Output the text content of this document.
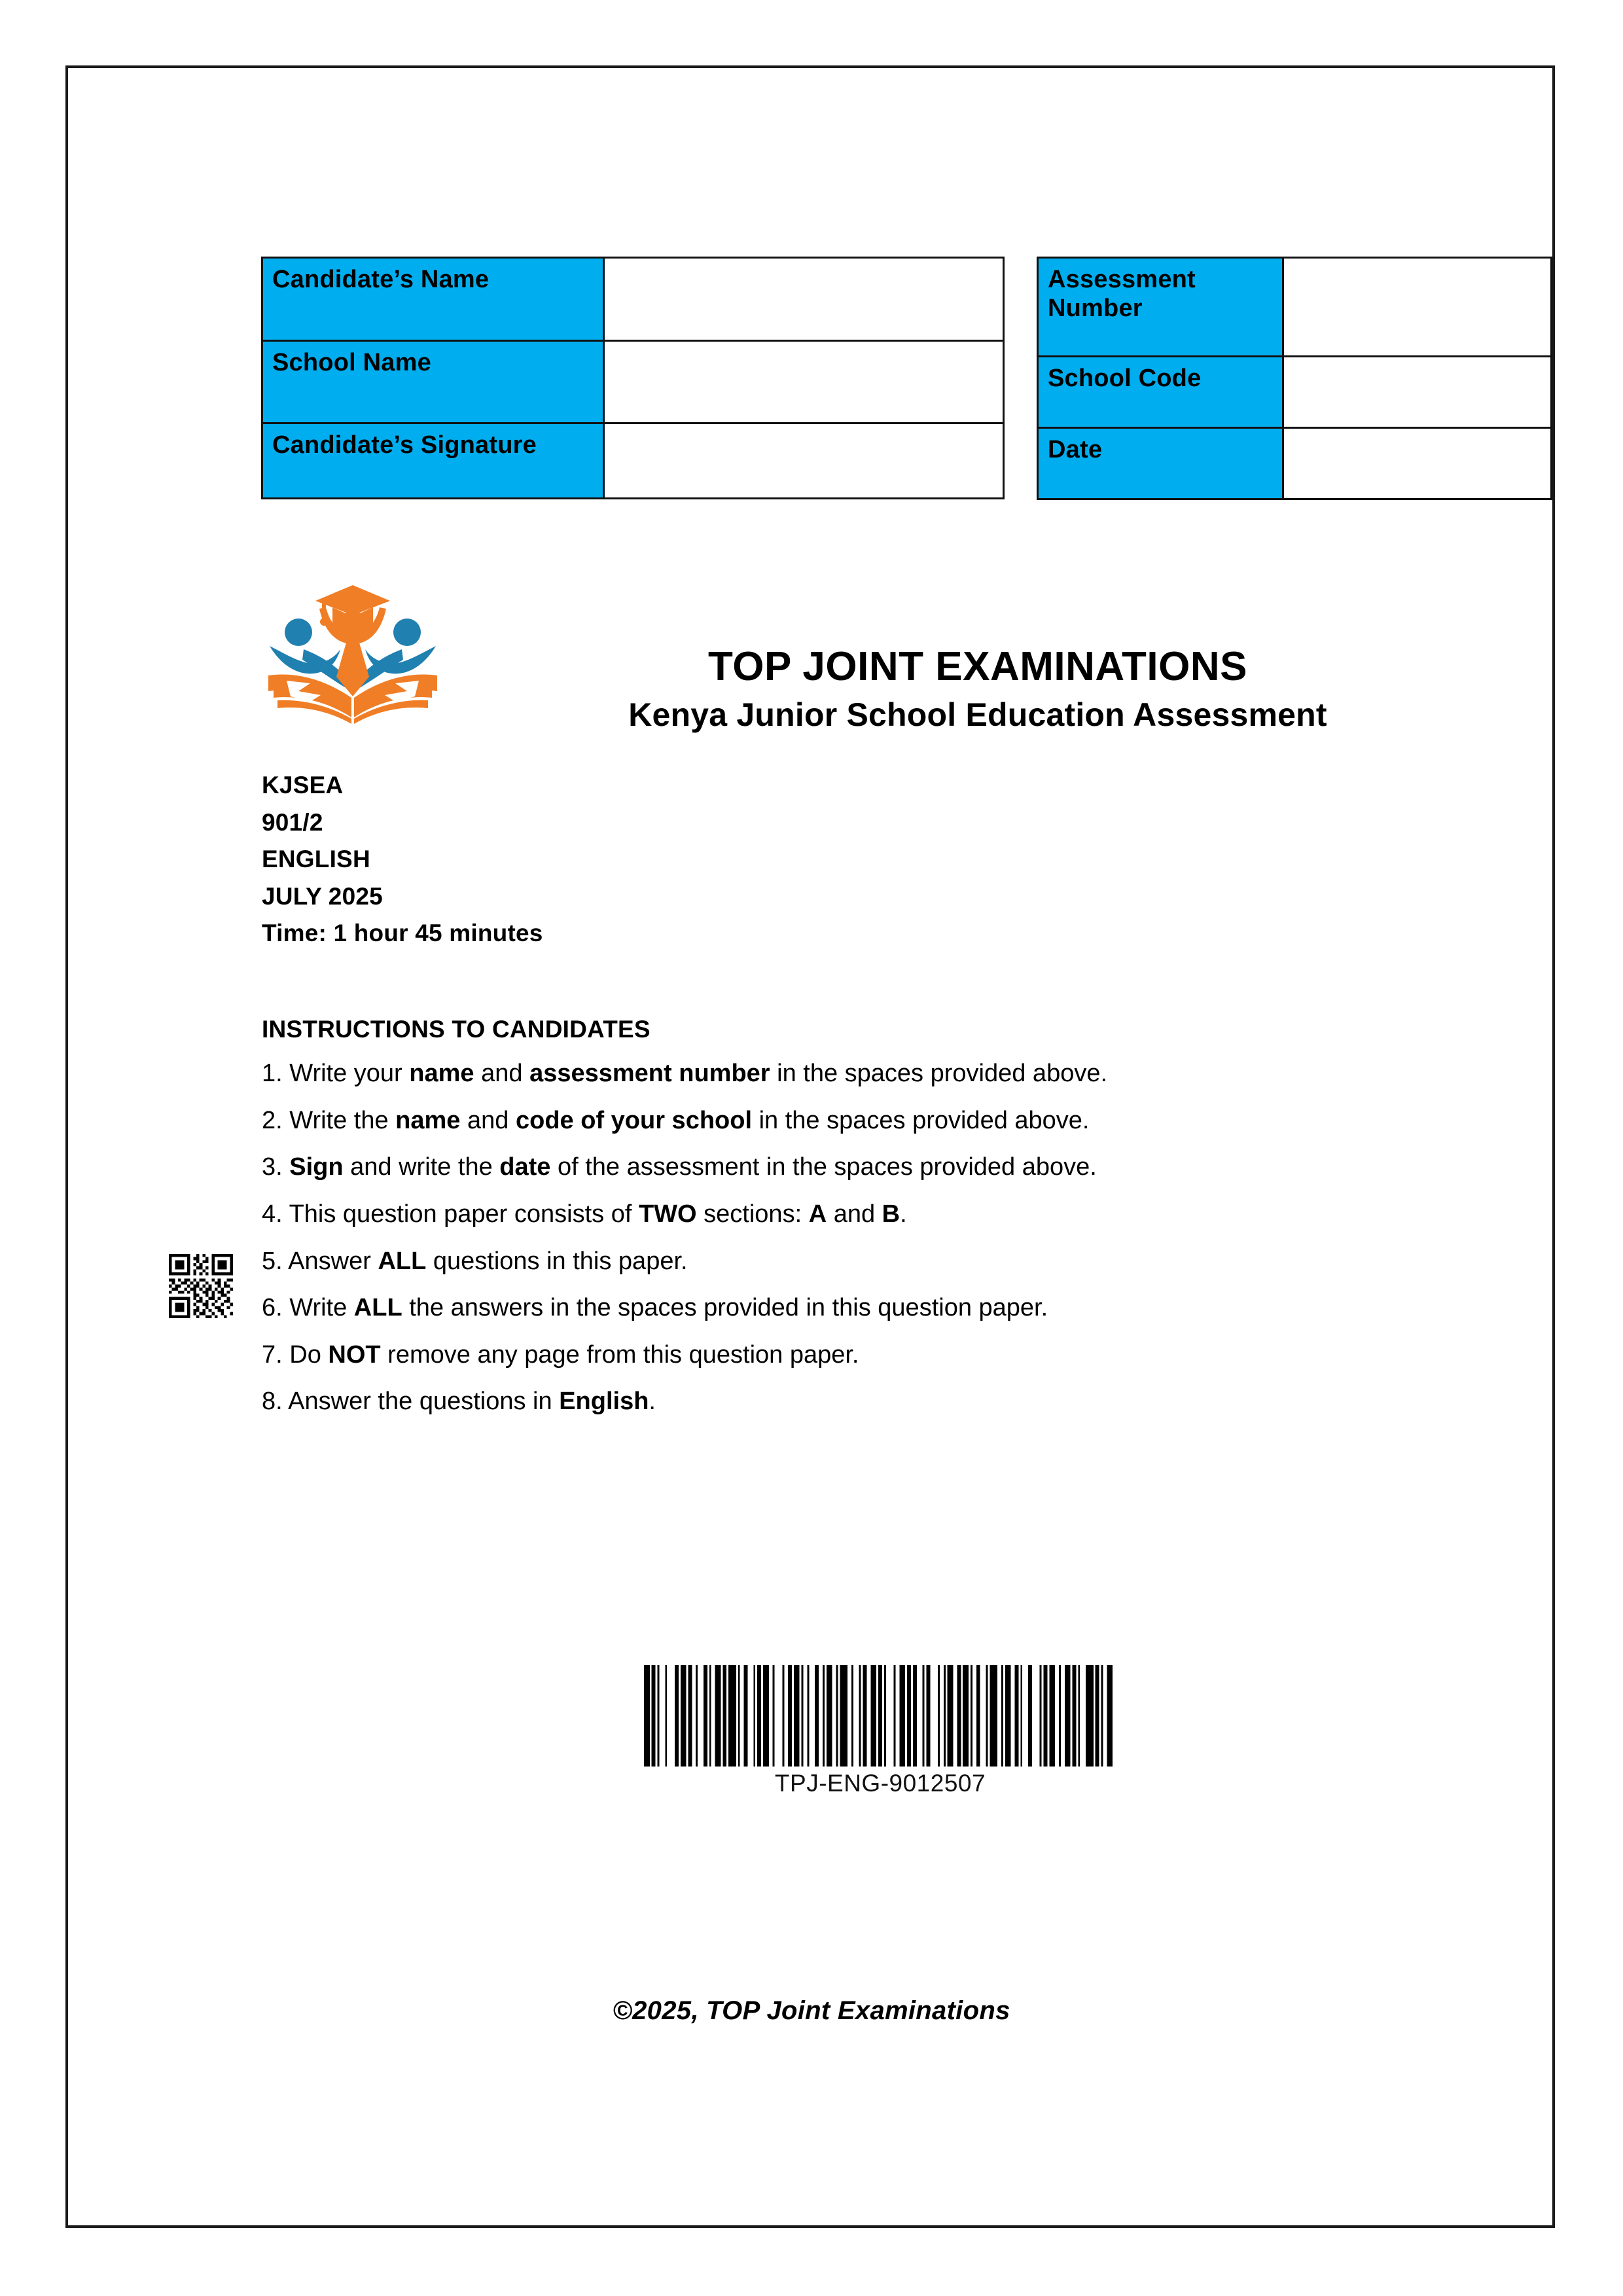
Candidate’s Name	
School Name	
Candidate’s Signature	
Assessment Number	
School Code	
Date	
TOP JOINT EXAMINATIONS
Kenya Junior School Education Assessment
KJSEA
901/2
ENGLISH
JULY 2025
Time: 1 hour 45 minutes
INSTRUCTIONS TO CANDIDATES
1. Write your name and assessment number in the spaces provided above.
2. Write the name and code of your school in the spaces provided above.
3. Sign and write the date of the assessment in the spaces provided above.
4. This question paper consists of TWO sections: A and B.
5. Answer ALL questions in this paper.
6. Write ALL the answers in the spaces provided in this question paper.
7. Do NOT remove any page from this question paper.
8. Answer the questions in English.
TPJ-ENG-9012507
©2025, TOP Joint Examinations
